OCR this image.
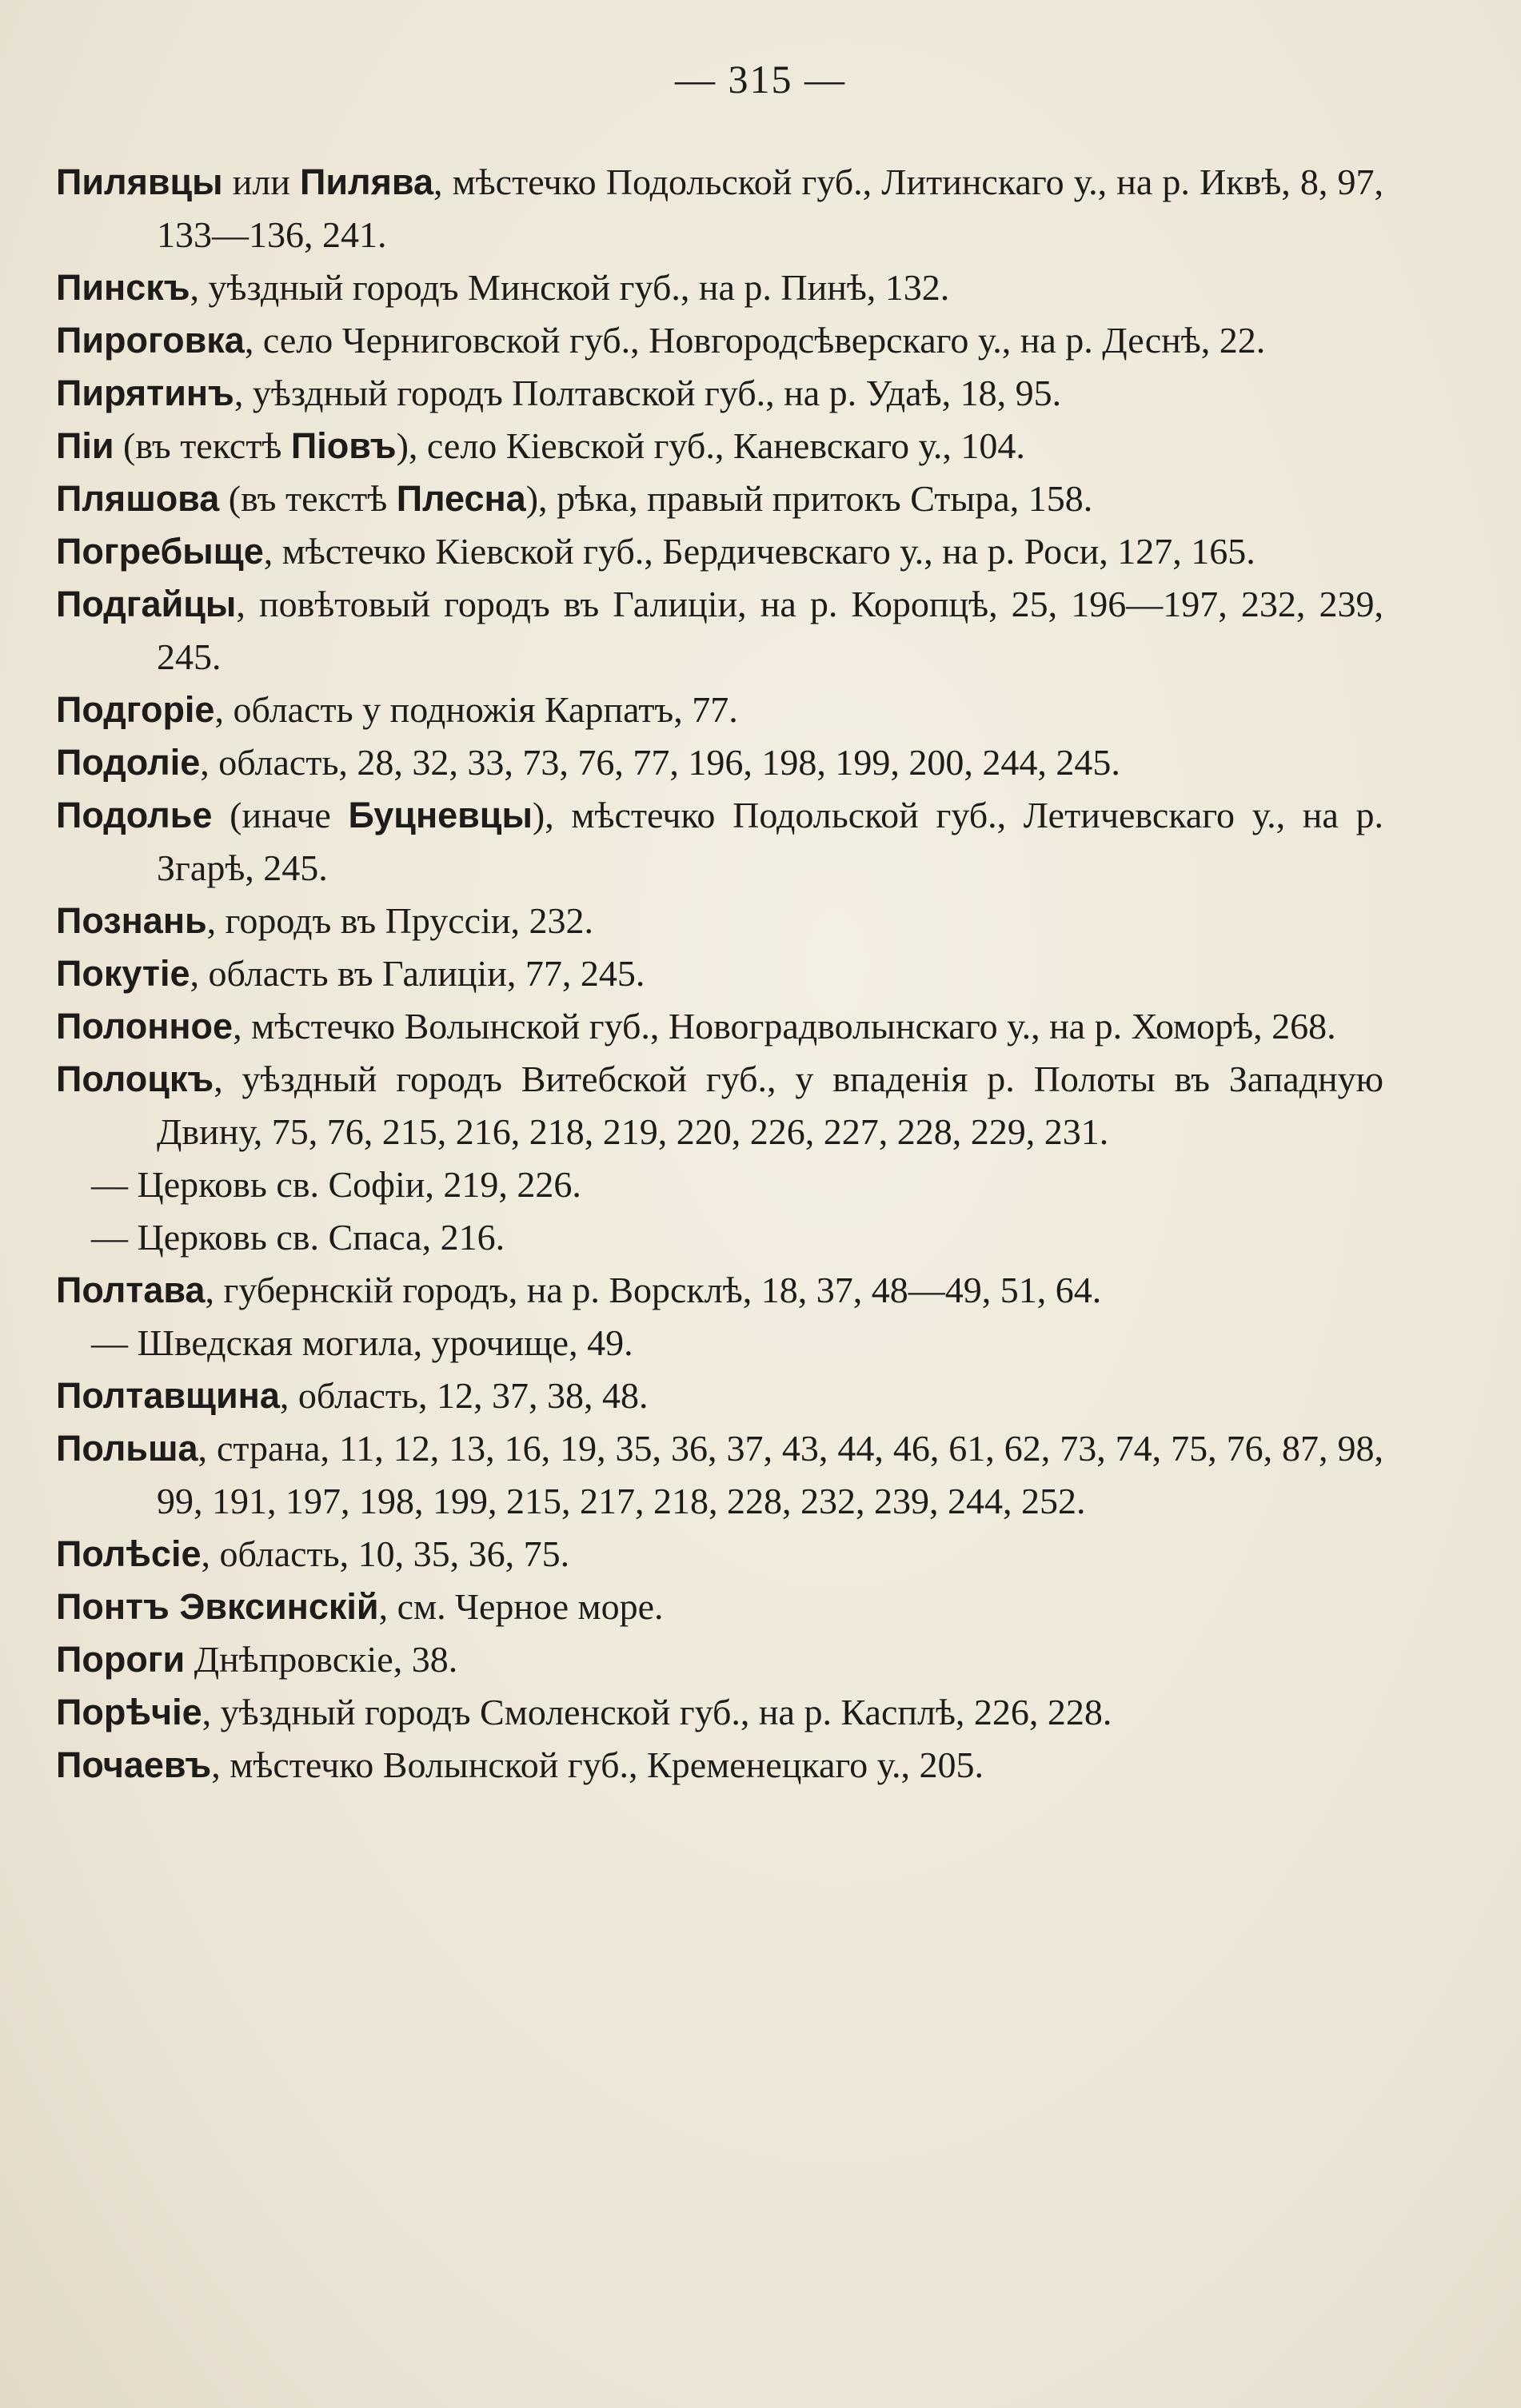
— 315 —

Пилявцы или Пилява, мѣстечко Подольской губ., Литинскаго у., на р. Иквѣ, 8, 97, 133—136, 241.

Пинскъ, уѣздный городъ Минской губ., на р. Пинѣ, 132.

Пироговка, село Черниговской губ., Новгородсѣверскаго у., на р. Деснѣ, 22.

Пирятинъ, уѣздный городъ Полтавской губ., на р. Удаѣ, 18, 95.

Піи (въ текстѣ Піовъ), село Кіевской губ., Каневскаго у., 104.

Пляшова (въ текстѣ Плесна), рѣка, правый притокъ Стыра, 158.

Погребыще, мѣстечко Кіевской губ., Бердичевскаго у., на р. Роси, 127, 165.

Подгайцы, повѣтовый городъ въ Галиціи, на р. Коропцѣ, 25, 196—197, 232, 239, 245.

Подгоріе, область у подножія Карпатъ, 77.

Подоліе, область, 28, 32, 33, 73, 76, 77, 196, 198, 199, 200, 244, 245.

Подолье (иначе Буцневцы), мѣстечко Подольской губ., Летичевскаго у., на р. Згарѣ, 245.

Познань, городъ въ Пруссіи, 232.

Покутіе, область въ Галиціи, 77, 245.

Полонное, мѣстечко Волынской губ., Новоградволынскаго у., на р. Хоморѣ, 268.

Полоцкъ, уѣздный городъ Витебской губ., у впаденія р. Полоты въ Западную Двину, 75, 76, 215, 216, 218, 219, 220, 226, 227, 228, 229, 231.

— Церковь св. Софіи, 219, 226.

— Церковь св. Спаса, 216.

Полтава, губернскій городъ, на р. Ворсклѣ, 18, 37, 48—49, 51, 64.

— Шведская могила, урочище, 49.

Полтавщина, область, 12, 37, 38, 48.

Польша, страна, 11, 12, 13, 16, 19, 35, 36, 37, 43, 44, 46, 61, 62, 73, 74, 75, 76, 87, 98, 99, 191, 197, 198, 199, 215, 217, 218, 228, 232, 239, 244, 252.

Полѣсіе, область, 10, 35, 36, 75.

Понтъ Эвксинскій, см. Черное море.

Пороги Днѣпровскіе, 38.

Порѣчіе, уѣздный городъ Смоленской губ., на р. Касплѣ, 226, 228.

Почаевъ, мѣстечко Волынской губ., Кременецкаго у., 205.
